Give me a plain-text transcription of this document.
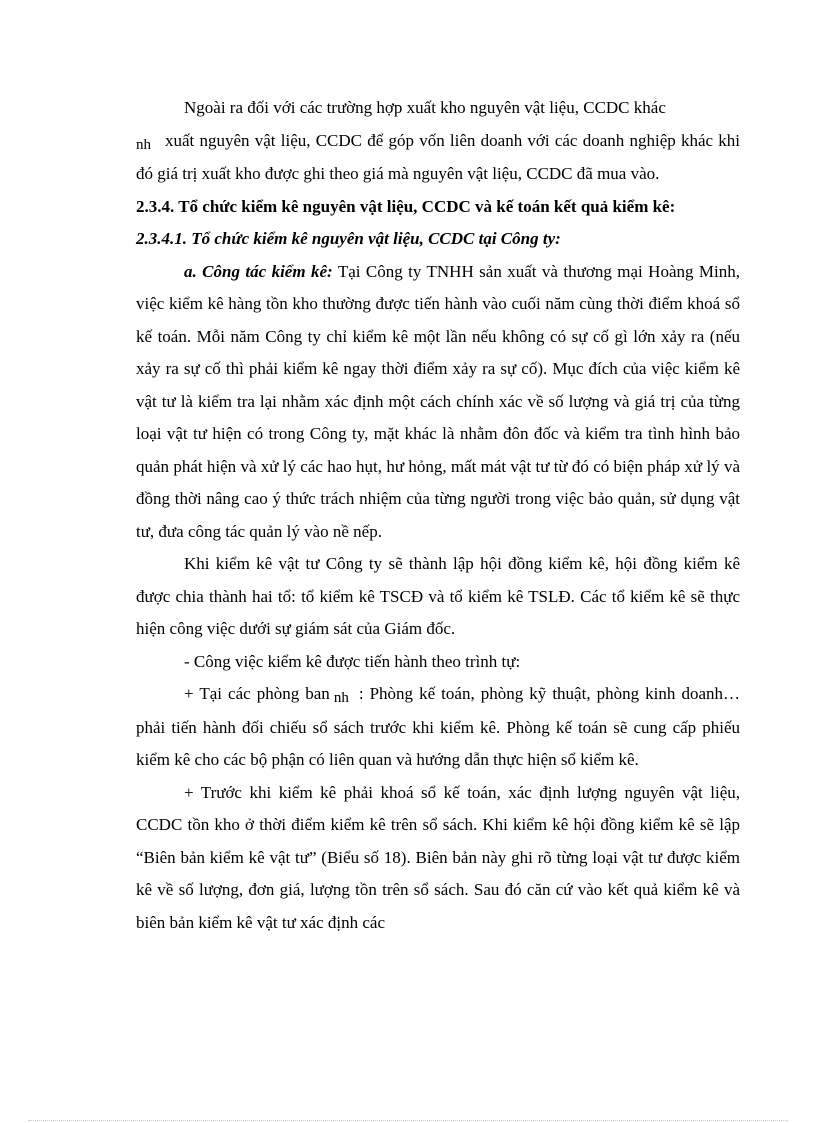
Ngoài ra đối với các trường hợp xuất kho nguyên vật liệu, CCDC khác

nh xuất nguyên vật liệu, CCDC để góp vốn liên doanh với các doanh nghiệp khác khi đó giá trị xuất kho được ghi theo giá mà nguyên vật liệu, CCDC đã mua vào.

2.3.4. Tổ chức kiểm kê nguyên vật liệu, CCDC và kế toán kết quả kiểm kê:

2.3.4.1. Tổ chức kiểm kê nguyên vật liệu, CCDC tại Công ty:

a. Công tác kiểm kê: Tại Công ty TNHH sản xuất và thương mại Hoàng Minh, việc kiểm kê hàng tồn kho thường được tiến hành vào cuối năm cùng thời điểm khoá sổ kế toán. Mỗi năm Công ty chỉ kiểm kê một lần nếu không có sự cố gì lớn xảy ra (nếu xảy ra sự cố thì phải kiểm kê ngay thời điểm xảy ra sự cố). Mục đích của việc kiểm kê vật tư là kiểm tra lại nhằm xác định một cách chính xác về số lượng và giá trị của từng loại vật tư hiện có trong Công ty, mặt khác là nhằm đôn đốc và kiểm tra tình hình bảo quản phát hiện và xử lý các hao hụt, hư hỏng, mất mát vật tư từ đó có biện pháp xử lý và đồng thời nâng cao ý thức trách nhiệm của từng người trong việc bảo quản, sử dụng vật tư, đưa công tác quản lý vào nề nếp.

Khi kiểm kê vật tư Công ty sẽ thành lập hội đồng kiểm kê, hội đồng kiểm kê được chia thành hai tổ: tổ kiểm kê TSCĐ và tổ kiểm kê TSLĐ. Các tổ kiểm kê sẽ thực hiện công việc dưới sự giám sát của Giám đốc.

- Công việc kiểm kê được tiến hành theo trình tự:

+ Tại các phòng ban nh : Phòng kế toán, phòng kỹ thuật, phòng kinh doanh…phải tiến hành đối chiếu sổ sách trước khi kiểm kê. Phòng kế toán sẽ cung cấp phiếu kiểm kê cho các bộ phận có liên quan và hướng dẫn thực hiện sổ kiểm kê.

+ Trước khi kiểm kê phải khoá sổ kế toán, xác định lượng nguyên vật liệu, CCDC tồn kho ở thời điểm kiểm kê trên sổ sách. Khi kiểm kê hội đồng kiểm kê sẽ lập “Biên bản kiểm kê vật tư” (Biểu số 18). Biên bản này ghi rõ từng loại vật tư được kiểm kê về số lượng, đơn giá, lượng tồn trên sổ sách. Sau đó căn cứ vào kết quả kiểm kê và biên bản kiểm kê vật tư xác định các
